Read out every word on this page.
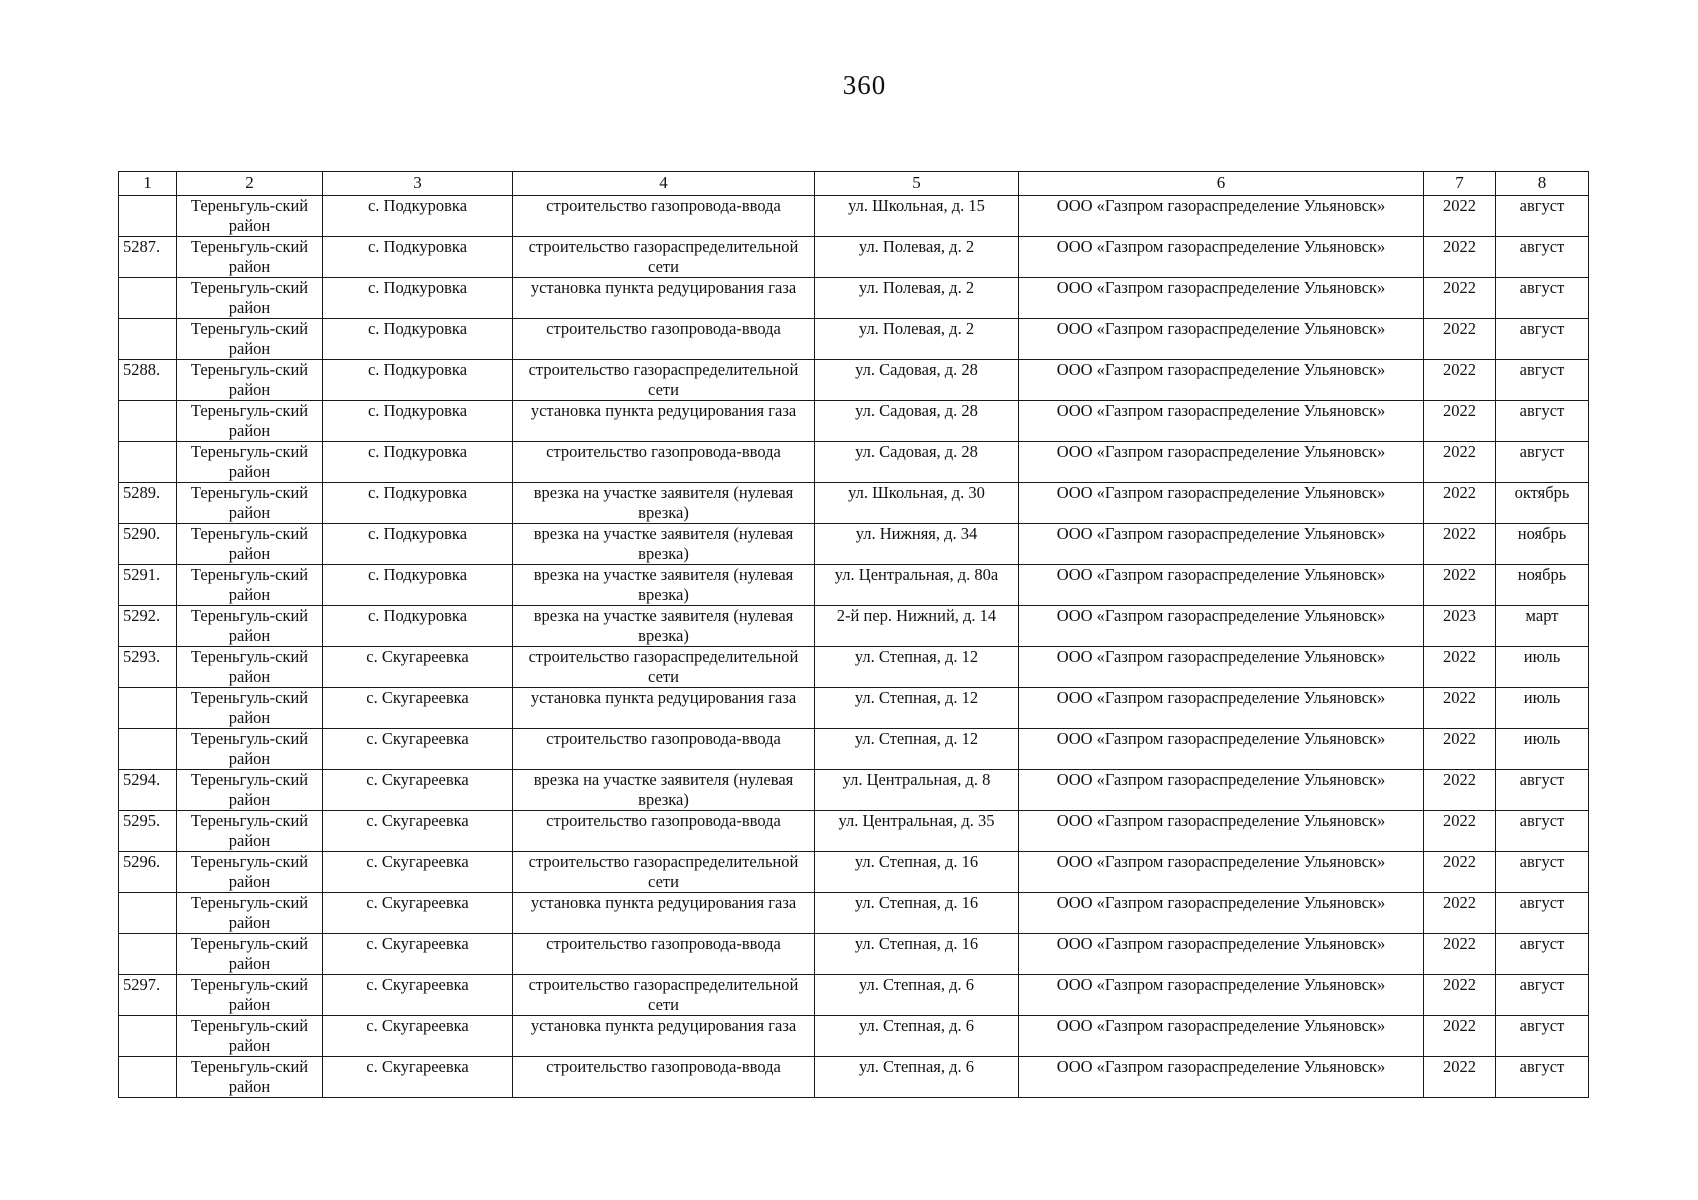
360
1	2	3	4	5	6	7	8
	Тереньгуль-ский район	с. Подкуровка	строительство газопровода-ввода	ул. Школьная, д. 15	ООО «Газпром газораспределение Ульяновск»	2022	август
5287.	Тереньгуль-ский район	с. Подкуровка	строительство газораспределительной сети	ул. Полевая, д. 2	ООО «Газпром газораспределение Ульяновск»	2022	август
	Тереньгуль-ский район	с. Подкуровка	установка пункта редуцирования газа	ул. Полевая, д. 2	ООО «Газпром газораспределение Ульяновск»	2022	август
	Тереньгуль-ский район	с. Подкуровка	строительство газопровода-ввода	ул. Полевая, д. 2	ООО «Газпром газораспределение Ульяновск»	2022	август
5288.	Тереньгуль-ский район	с. Подкуровка	строительство газораспределительной сети	ул. Садовая, д. 28	ООО «Газпром газораспределение Ульяновск»	2022	август
	Тереньгуль-ский район	с. Подкуровка	установка пункта редуцирования газа	ул. Садовая, д. 28	ООО «Газпром газораспределение Ульяновск»	2022	август
	Тереньгуль-ский район	с. Подкуровка	строительство газопровода-ввода	ул. Садовая, д. 28	ООО «Газпром газораспределение Ульяновск»	2022	август
5289.	Тереньгуль-ский район	с. Подкуровка	врезка на участке заявителя (нулевая врезка)	ул. Школьная, д. 30	ООО «Газпром газораспределение Ульяновск»	2022	октябрь
5290.	Тереньгуль-ский район	с. Подкуровка	врезка на участке заявителя (нулевая врезка)	ул. Нижняя, д. 34	ООО «Газпром газораспределение Ульяновск»	2022	ноябрь
5291.	Тереньгуль-ский район	с. Подкуровка	врезка на участке заявителя (нулевая врезка)	ул. Центральная, д. 80а	ООО «Газпром газораспределение Ульяновск»	2022	ноябрь
5292.	Тереньгуль-ский район	с. Подкуровка	врезка на участке заявителя (нулевая врезка)	2-й пер. Нижний, д. 14	ООО «Газпром газораспределение Ульяновск»	2023	март
5293.	Тереньгуль-ский район	с. Скугареевка	строительство газораспределительной сети	ул. Степная, д. 12	ООО «Газпром газораспределение Ульяновск»	2022	июль
	Тереньгуль-ский район	с. Скугареевка	установка пункта редуцирования газа	ул. Степная, д. 12	ООО «Газпром газораспределение Ульяновск»	2022	июль
	Тереньгуль-ский район	с. Скугареевка	строительство газопровода-ввода	ул. Степная, д. 12	ООО «Газпром газораспределение Ульяновск»	2022	июль
5294.	Тереньгуль-ский район	с. Скугареевка	врезка на участке заявителя (нулевая врезка)	ул. Центральная, д. 8	ООО «Газпром газораспределение Ульяновск»	2022	август
5295.	Тереньгуль-ский район	с. Скугареевка	строительство газопровода-ввода	ул. Центральная, д. 35	ООО «Газпром газораспределение Ульяновск»	2022	август
5296.	Тереньгуль-ский район	с. Скугареевка	строительство газораспределительной сети	ул. Степная, д. 16	ООО «Газпром газораспределение Ульяновск»	2022	август
	Тереньгуль-ский район	с. Скугареевка	установка пункта редуцирования газа	ул. Степная, д. 16	ООО «Газпром газораспределение Ульяновск»	2022	август
	Тереньгуль-ский район	с. Скугареевка	строительство газопровода-ввода	ул. Степная, д. 16	ООО «Газпром газораспределение Ульяновск»	2022	август
5297.	Тереньгуль-ский район	с. Скугареевка	строительство газораспределительной сети	ул. Степная, д. 6	ООО «Газпром газораспределение Ульяновск»	2022	август
	Тереньгуль-ский район	с. Скугареевка	установка пункта редуцирования газа	ул. Степная, д. 6	ООО «Газпром газораспределение Ульяновск»	2022	август
	Тереньгуль-ский район	с. Скугареевка	строительство газопровода-ввода	ул. Степная, д. 6	ООО «Газпром газораспределение Ульяновск»	2022	август
